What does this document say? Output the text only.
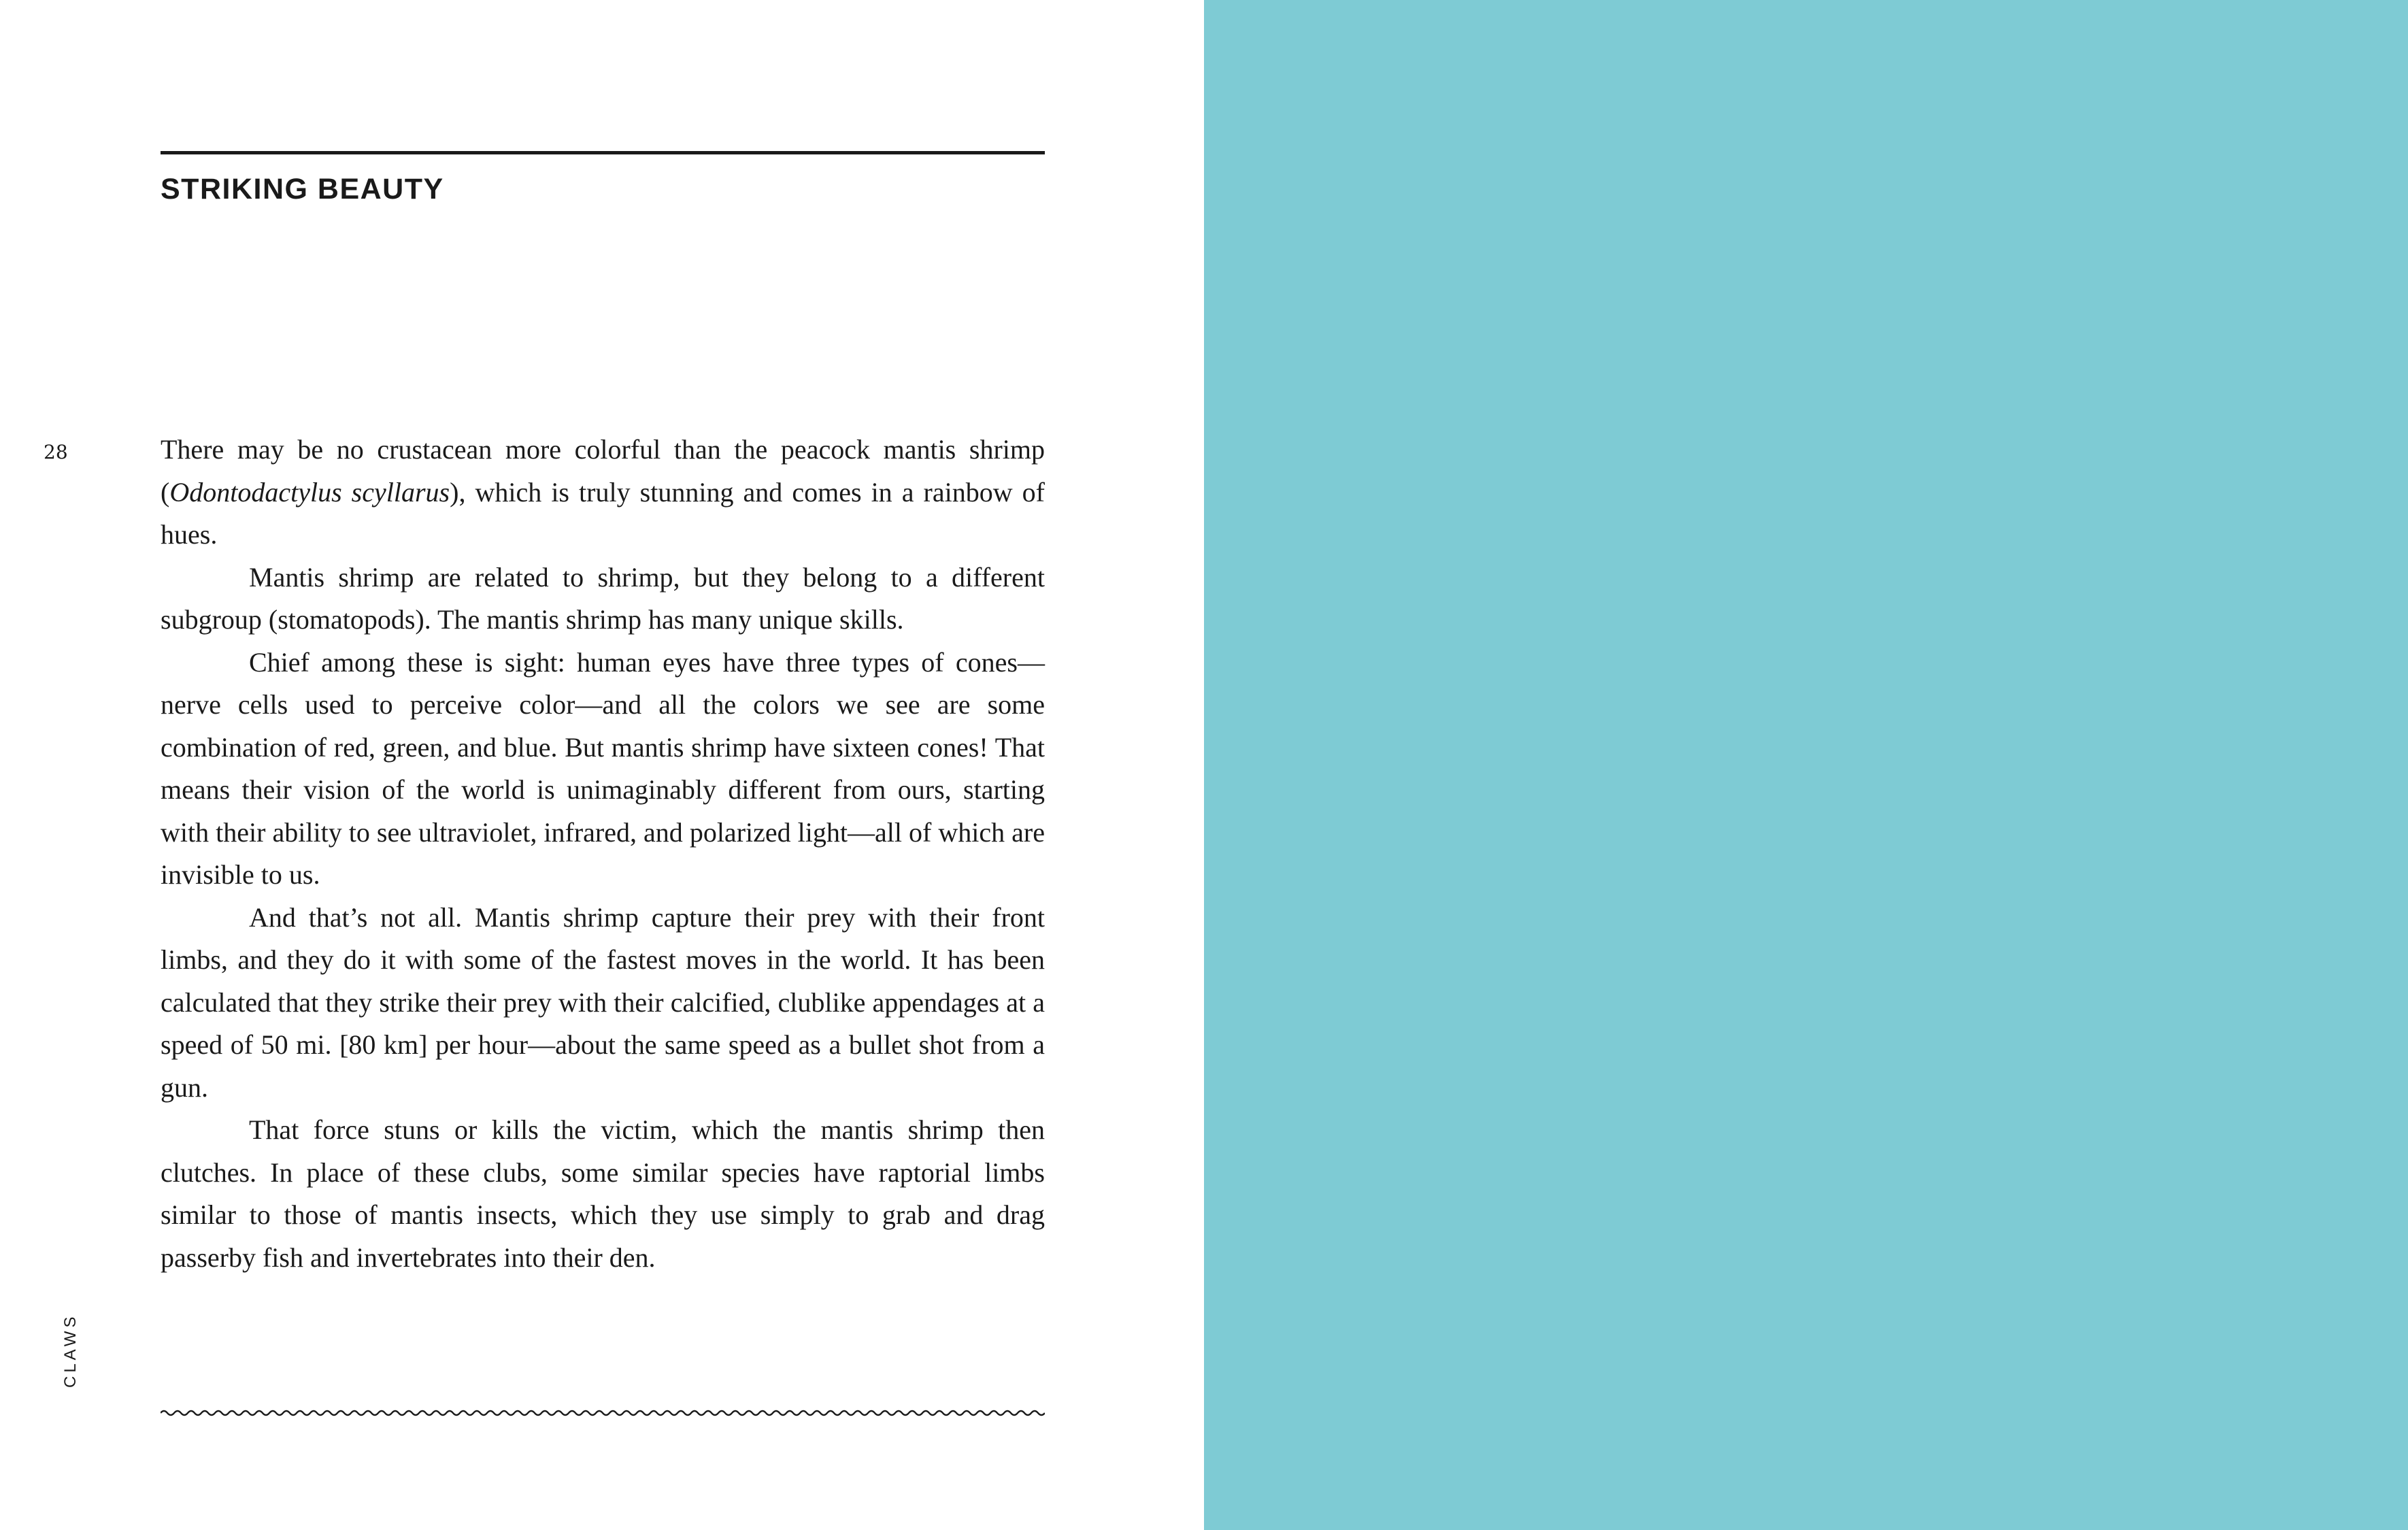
STRIKING BEAUTY
28	There may be no crustacean more colorful than the peacock mantis shrimp (Odontodactylus scyllarus), which is truly stunning and comes in a rainbow of hues.

Mantis shrimp are related to shrimp, but they belong to a different subgroup (stomatopods). The mantis shrimp has many unique skills.

Chief among these is sight: human eyes have three types of cones—nerve cells used to perceive color—and all the colors we see are some combination of red, green, and blue. But mantis shrimp have sixteen cones! That means their vision of the world is unimaginably different from ours, starting with their ability to see ultraviolet, infrared, and polarized light—all of which are invisible to us.

And that’s not all. Mantis shrimp capture their prey with their front limbs, and they do it with some of the fastest moves in the world. It has been calculated that they strike their prey with their calcified, clublike appendages at a speed of 50 mi. [80 km] per hour—about the same speed as a bullet shot from a gun.

That force stuns or kills the victim, which the mantis shrimp then clutches. In place of these clubs, some similar species have raptorial limbs similar to those of mantis insects, which they use simply to grab and drag passerby fish and invertebrates into their den.

CLAWS
